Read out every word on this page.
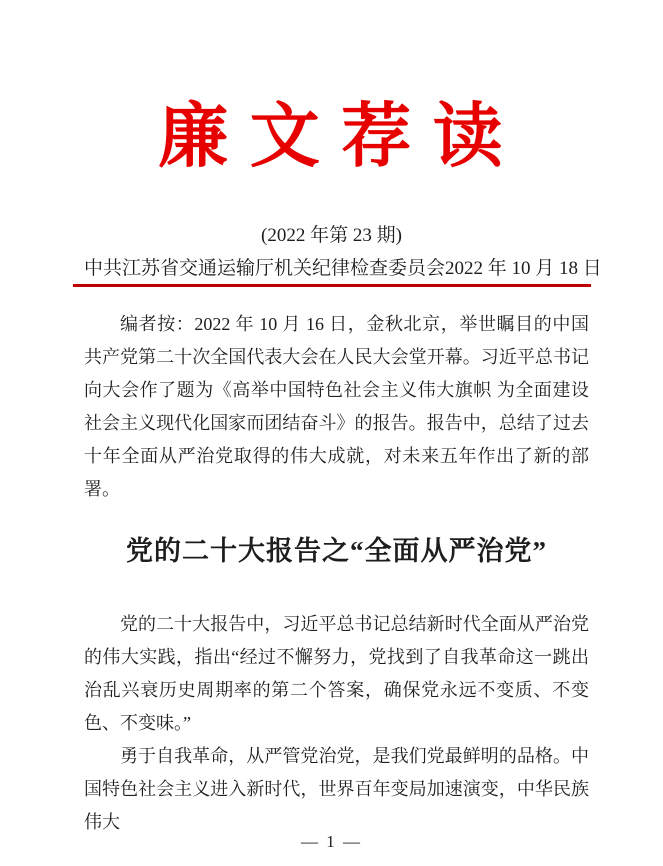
廉 文 荐 读
(2022 年第 23 期)
中共江苏省交通运输厅机关纪律检查委员会 2022 年 10 月 18 日

编者按：2022 年 10 月 16 日，金秋北京，举世瞩目的中国共产党第二十次全国代表大会在人民大会堂开幕。习近平总书记向大会作了题为《高举中国特色社会主义伟大旗帜 为全面建设社会主义现代化国家而团结奋斗》的报告。报告中，总结了过去十年全面从严治党取得的伟大成就，对未来五年作出了新的部署。

党的二十大报告之“全面从严治党”

党的二十大报告中，习近平总书记总结新时代全面从严治党的伟大实践，指出“经过不懈努力，党找到了自我革命这一跳出治乱兴衰历史周期率的第二个答案，确保党永远不变质、不变色、不变味。”

勇于自我革命，从严管党治党，是我们党最鲜明的品格。中国特色社会主义进入新时代，世界百年变局加速演变，中华民族伟大

— 1 —
